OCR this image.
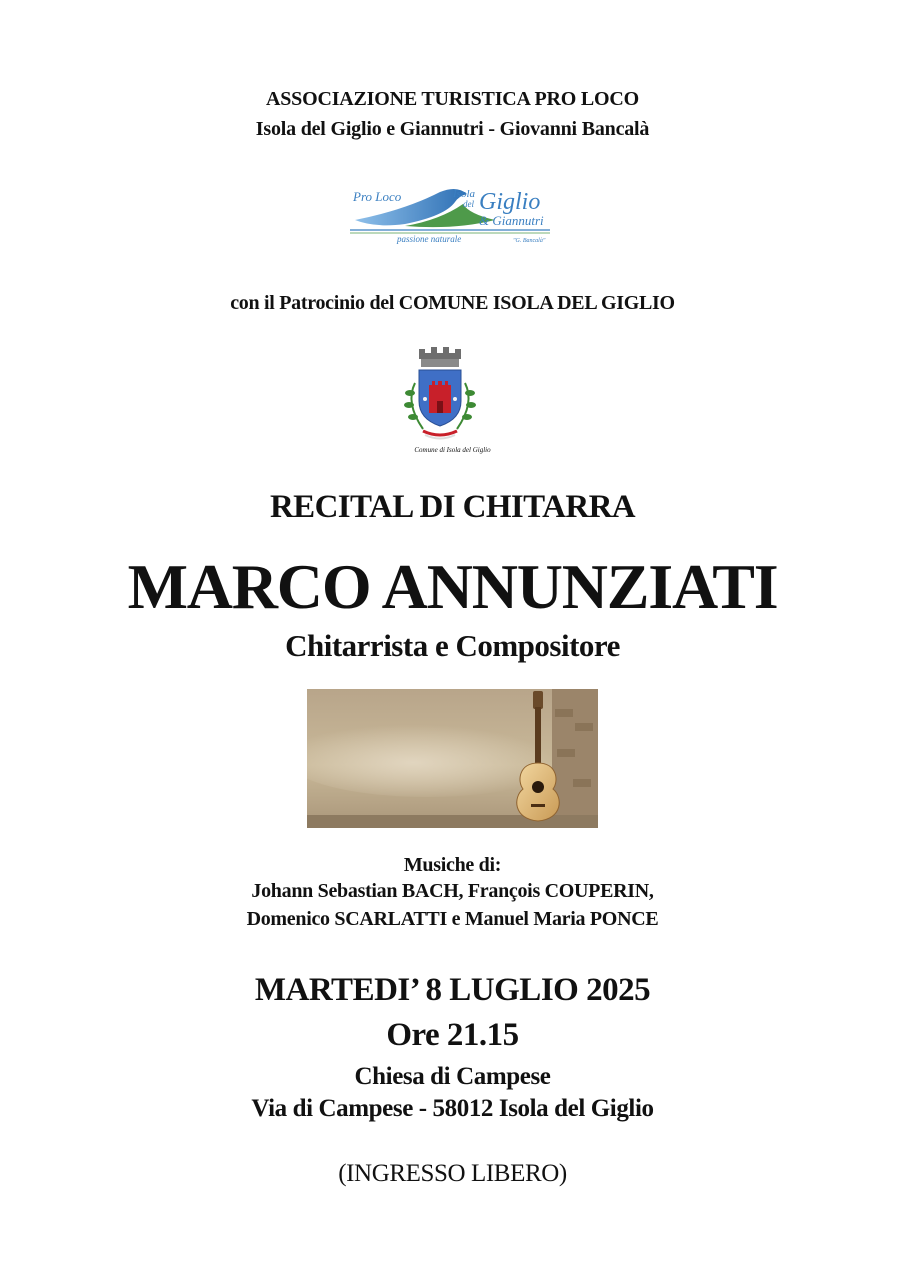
ASSOCIAZIONE TURISTICA PRO LOCO
Isola del Giglio e Giannutri - Giovanni Bancalà
Pro Loco	Isola
del Giglio
& Giannutri
passione naturale	"G. Bancalà"
con il Patrocinio del COMUNE ISOLA DEL GIGLIO
Comune di Isola del Giglio
RECITAL DI CHITARRA
MARCO ANNUNZIATI
Chitarrista e Compositore
Musiche di:
Johann Sebastian BACH, François COUPERIN,
Domenico SCARLATTI e Manuel Maria PONCE
MARTEDI’ 8 LUGLIO 2025
Ore 21.15
Chiesa di Campese
Via di Campese - 58012 Isola del Giglio
(INGRESSO LIBERO)
